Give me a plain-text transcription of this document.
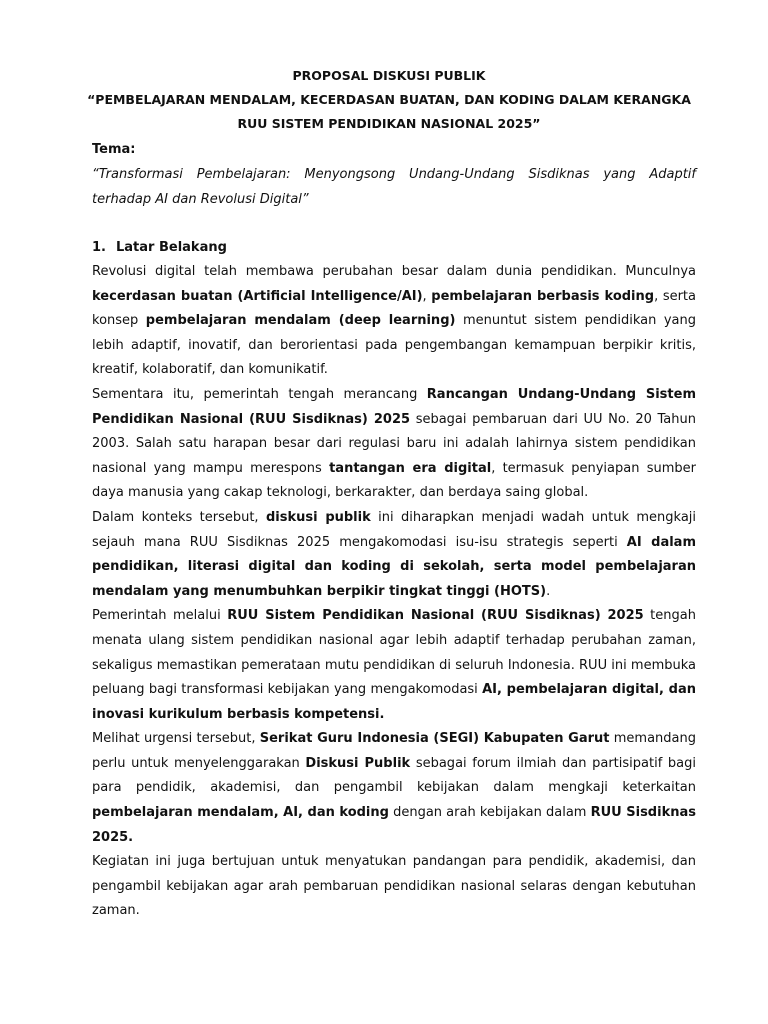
PROPOSAL DISKUSI PUBLIK
“PEMBELAJARAN MENDALAM, KECERDASAN BUATAN, DAN KODING DALAM KERANGKA
RUU SISTEM PENDIDIKAN NASIONAL 2025”
Tema:
“Transformasi Pembelajaran: Menyongsong Undang-Undang Sisdiknas yang Adaptif terhadap AI dan Revolusi Digital”
1. Latar Belakang

Revolusi digital telah membawa perubahan besar dalam dunia pendidikan. Munculnya kecerdasan buatan (Artificial Intelligence/AI), pembelajaran berbasis koding, serta konsep pembelajaran mendalam (deep learning) menuntut sistem pendidikan yang lebih adaptif, inovatif, dan berorientasi pada pengembangan kemampuan berpikir kritis, kreatif, kolaboratif, dan komunikatif.

Sementara itu, pemerintah tengah merancang Rancangan Undang-Undang Sistem Pendidikan Nasional (RUU Sisdiknas) 2025 sebagai pembaruan dari UU No. 20 Tahun 2003. Salah satu harapan besar dari regulasi baru ini adalah lahirnya sistem pendidikan nasional yang mampu merespons tantangan era digital, termasuk penyiapan sumber daya manusia yang cakap teknologi, berkarakter, dan berdaya saing global.

Dalam konteks tersebut, diskusi publik ini diharapkan menjadi wadah untuk mengkaji sejauh mana RUU Sisdiknas 2025 mengakomodasi isu-isu strategis seperti AI dalam pendidikan, literasi digital dan koding di sekolah, serta model pembelajaran mendalam yang menumbuhkan berpikir tingkat tinggi (HOTS).

Pemerintah melalui RUU Sistem Pendidikan Nasional (RUU Sisdiknas) 2025 tengah menata ulang sistem pendidikan nasional agar lebih adaptif terhadap perubahan zaman, sekaligus memastikan pemerataan mutu pendidikan di seluruh Indonesia. RUU ini membuka peluang bagi transformasi kebijakan yang mengakomodasi AI, pembelajaran digital, dan inovasi kurikulum berbasis kompetensi.

Melihat urgensi tersebut, Serikat Guru Indonesia (SEGI) Kabupaten Garut memandang perlu untuk menyelenggarakan Diskusi Publik sebagai forum ilmiah dan partisipatif bagi para pendidik, akademisi, dan pengambil kebijakan dalam mengkaji keterkaitan pembelajaran mendalam, AI, dan koding dengan arah kebijakan dalam RUU Sisdiknas 2025.

Kegiatan ini juga bertujuan untuk menyatukan pandangan para pendidik, akademisi, dan pengambil kebijakan agar arah pembaruan pendidikan nasional selaras dengan kebutuhan zaman.
